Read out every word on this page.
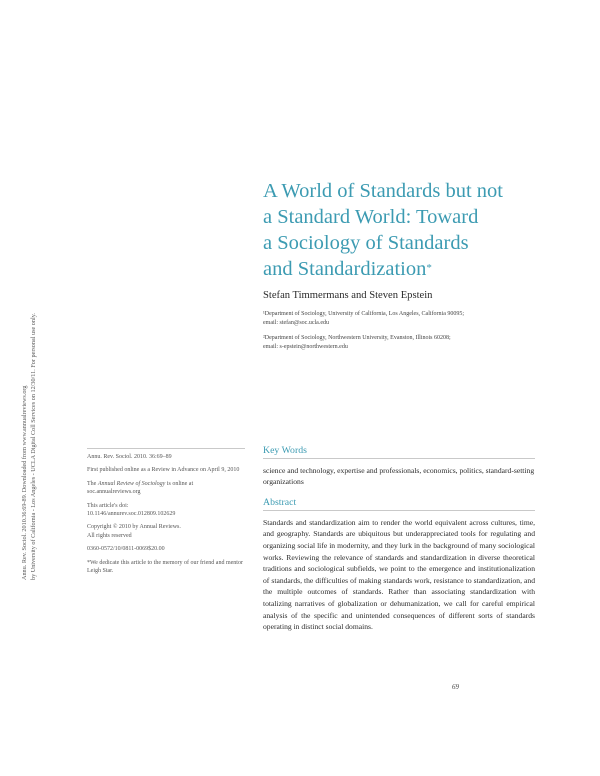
Annu. Rev. Sociol. 2010.36:69-89. Downloaded from www.annualreviews.org by University of California - Los Angeles - UCLA Digital Coll Services on 12/30/11. For personal use only.
A World of Standards but not
a Standard World: Toward
a Sociology of Standards
and Standardization*
Stefan Timmermans and Steven Epstein
¹Department of Sociology, University of California, Los Angeles, California 90095;
email: stefan@soc.ucla.edu
²Department of Sociology, Northwestern University, Evanston, Illinois 60208;
email: s-epstein@northwestern.edu
Annu. Rev. Sociol. 2010. 36:69–89
First published online as a Review in Advance on April 9, 2010
The Annual Review of Sociology is online at soc.annualreviews.org
This article's doi:
10.1146/annurev.soc.012809.102629
Copyright © 2010 by Annual Reviews.
All rights reserved
0360-0572/10/0811-0069$20.00
*We dedicate this article to the memory of our friend and mentor Leigh Star.
Key Words
science and technology, expertise and professionals, economics, politics, standard-setting organizations
Abstract
Standards and standardization aim to render the world equivalent across cultures, time, and geography. Standards are ubiquitous but underappreciated tools for regulating and organizing social life in modernity, and they lurk in the background of many sociological works. Reviewing the relevance of standards and standardization in diverse theoretical traditions and sociological subfields, we point to the emergence and institutionalization of standards, the difficulties of making standards work, resistance to standardization, and the multiple outcomes of standards. Rather than associating standardization with totalizing narratives of globalization or dehumanization, we call for careful empirical analysis of the specific and unintended consequences of different sorts of standards operating in distinct social domains.
69
